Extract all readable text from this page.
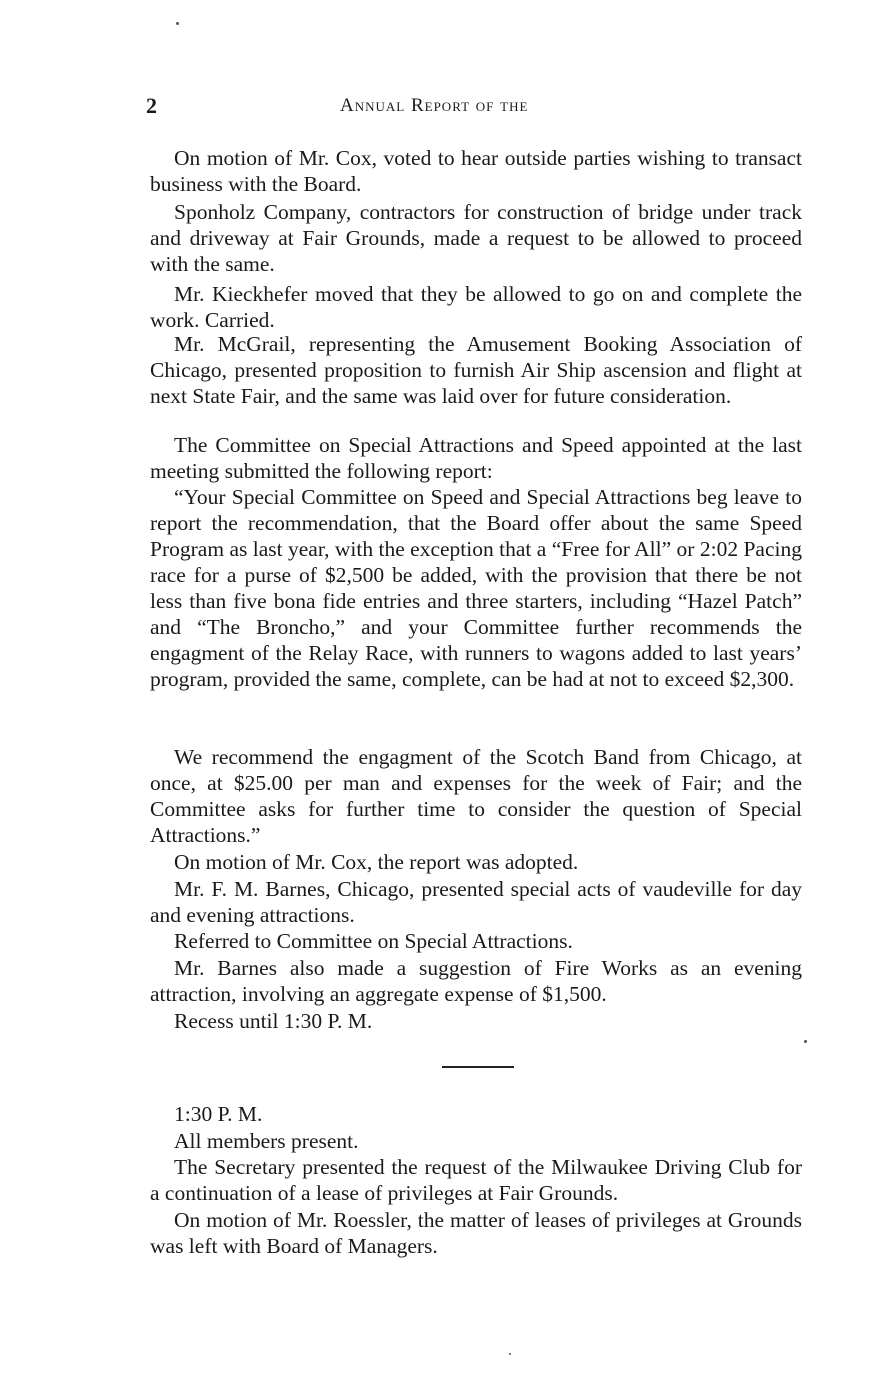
2	Annual Report of the

On motion of Mr. Cox, voted to hear outside parties wishing to transact business with the Board.

Sponholz Company, contractors for construction of bridge under track and driveway at Fair Grounds, made a request to be allowed to proceed with the same.

Mr. Kieckhefer moved that they be allowed to go on and complete the work. Carried.

Mr. McGrail, representing the Amusement Booking Association of Chicago, presented proposition to furnish Air Ship ascension and flight at next State Fair, and the same was laid over for future consideration.

The Committee on Special Attractions and Speed appointed at the last meeting submitted the following report:

“Your Special Committee on Speed and Special Attractions beg leave to report the recommendation, that the Board offer about the same Speed Program as last year, with the exception that a “Free for All” or 2:02 Pacing race for a purse of $2,500 be added, with the provision that there be not less than five bona fide entries and three starters, including “Hazel Patch” and “The Broncho,” and your Committee further recommends the engagment of the Relay Race, with runners to wagons added to last years’ program, provided the same, complete, can be had at not to exceed $2,300.

We recommend the engagment of the Scotch Band from Chicago, at once, at $25.00 per man and expenses for the week of Fair; and the Committee asks for further time to consider the question of Special Attractions.”

On motion of Mr. Cox, the report was adopted.

Mr. F. M. Barnes, Chicago, presented special acts of vaudeville for day and evening attractions.

Referred to Committee on Special Attractions.

Mr. Barnes also made a suggestion of Fire Works as an evening attraction, involving an aggregate expense of $1,500.

Recess until 1:30 P. M.

1:30 P. M.

All members present.

The Secretary presented the request of the Milwaukee Driving Club for a continuation of a lease of privileges at Fair Grounds.

On motion of Mr. Roessler, the matter of leases of privileges at Grounds was left with Board of Managers.
